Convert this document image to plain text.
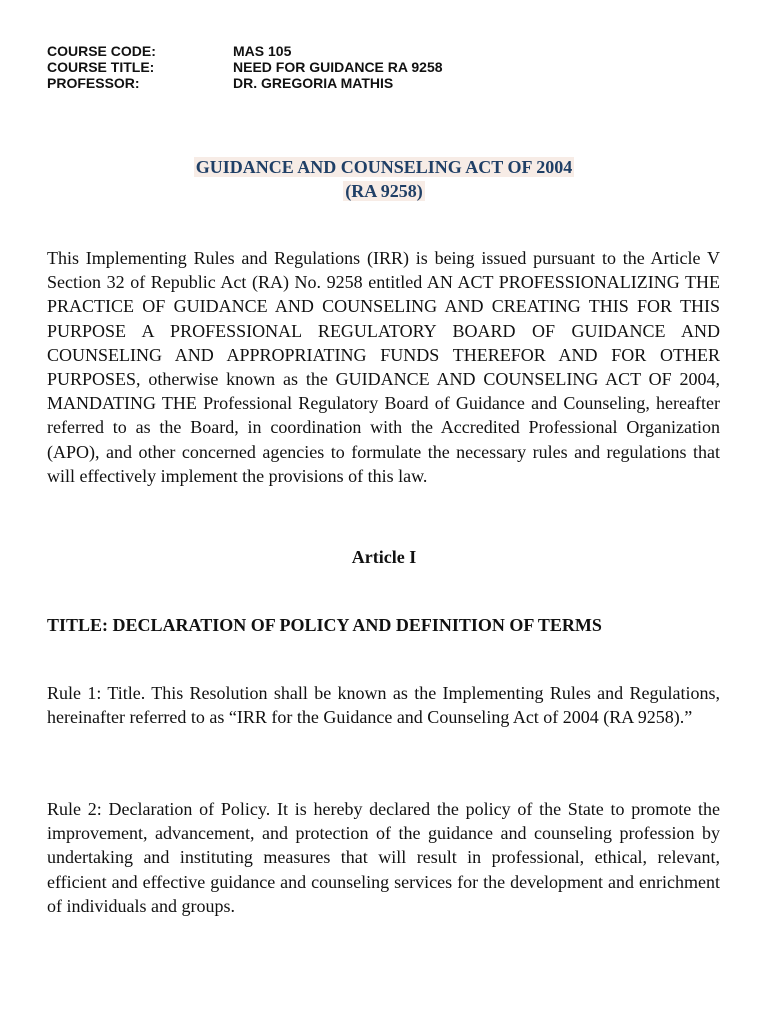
COURSE CODE:	MAS 105
COURSE TITLE:	NEED FOR GUIDANCE RA 9258
PROFESSOR:	DR. GREGORIA MATHIS
GUIDANCE AND COUNSELING ACT OF 2004
(RA 9258)

This Implementing Rules and Regulations (IRR) is being issued pursuant to the Article V Section 32 of Republic Act (RA) No. 9258 entitled AN ACT PROFESSIONALIZING THE PRACTICE OF GUIDANCE AND COUNSELING AND CREATING THIS FOR THIS PURPOSE A PROFESSIONAL REGULATORY BOARD OF GUIDANCE AND COUNSELING AND APPROPRIATING FUNDS THEREFOR AND FOR OTHER PURPOSES, otherwise known as the GUIDANCE AND COUNSELING ACT OF 2004, MANDATING THE Professional Regulatory Board of Guidance and Counseling, hereafter referred to as the Board, in coordination with the Accredited Professional Organization (APO), and other concerned agencies to formulate the necessary rules and regulations that will effectively implement the provisions of this law.

Article I
TITLE: DECLARATION OF POLICY AND DEFINITION OF TERMS

Rule 1: Title. This Resolution shall be known as the Implementing Rules and Regulations, hereinafter referred to as “IRR for the Guidance and Counseling Act of 2004 (RA 9258).”

Rule 2: Declaration of Policy. It is hereby declared the policy of the State to promote the improvement, advancement, and protection of the guidance and counseling profession by undertaking and instituting measures that will result in professional, ethical, relevant, efficient and effective guidance and counseling services for the development and enrichment of individuals and groups.
